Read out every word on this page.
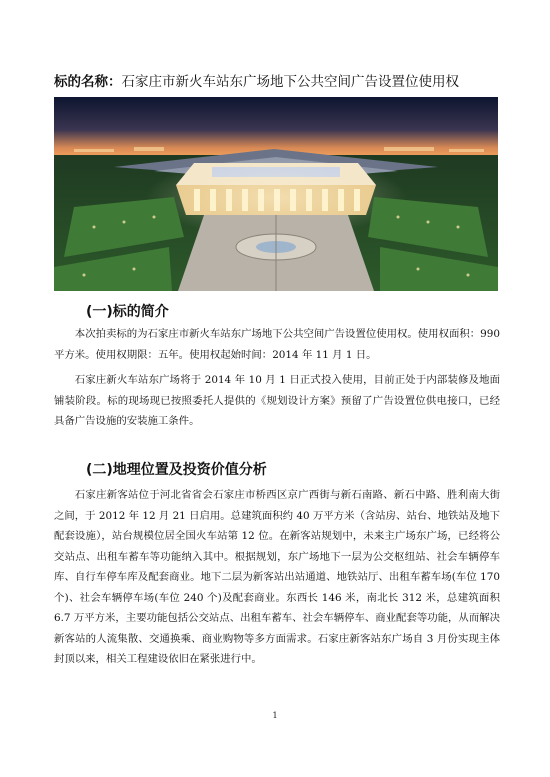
标的名称：石家庄市新火车站东广场地下公共空间广告设置位使用权
(一)标的简介

本次拍卖标的为石家庄市新火车站东广场地下公共空间广告设置位使用权。使用权面积：990 平方米。使用权期限：五年。使用权起始时间：2014 年 11 月 1 日。

石家庄新火车站东广场将于 2014 年 10 月 1 日正式投入使用，目前正处于内部装修及地面铺装阶段。标的现场现已按照委托人提供的《规划设计方案》预留了广告设置位供电接口，已经具备广告设施的安装施工条件。

(二)地理位置及投资价值分析

石家庄新客站位于河北省省会石家庄市桥西区京广西街与新石南路、新石中路、胜利南大街之间，于 2012 年 12 月 21 日启用。总建筑面积约 40 万平方米（含站房、站台、地铁站及地下配套设施），站台规模位居全国火车站第 12 位。在新客站规划中，未来主广场东广场，已经将公交站点、出租车蓄车等功能纳入其中。根据规划，东广场地下一层为公交枢纽站、社会车辆停车库、自行车停车库及配套商业。地下二层为新客站出站通道、地铁站厅、出租车蓄车场(车位 170 个)、社会车辆停车场(车位 240 个)及配套商业。东西长 146 米，南北长 312 米，总建筑面积 6.7 万平方米，主要功能包括公交站点、出租车蓄车、社会车辆停车、商业配套等功能，从而解决新客站的人流集散、交通换乘、商业购物等多方面需求。石家庄新客站东广场自 3 月份实现主体封顶以来，相关工程建设依旧在紧张进行中。

1
